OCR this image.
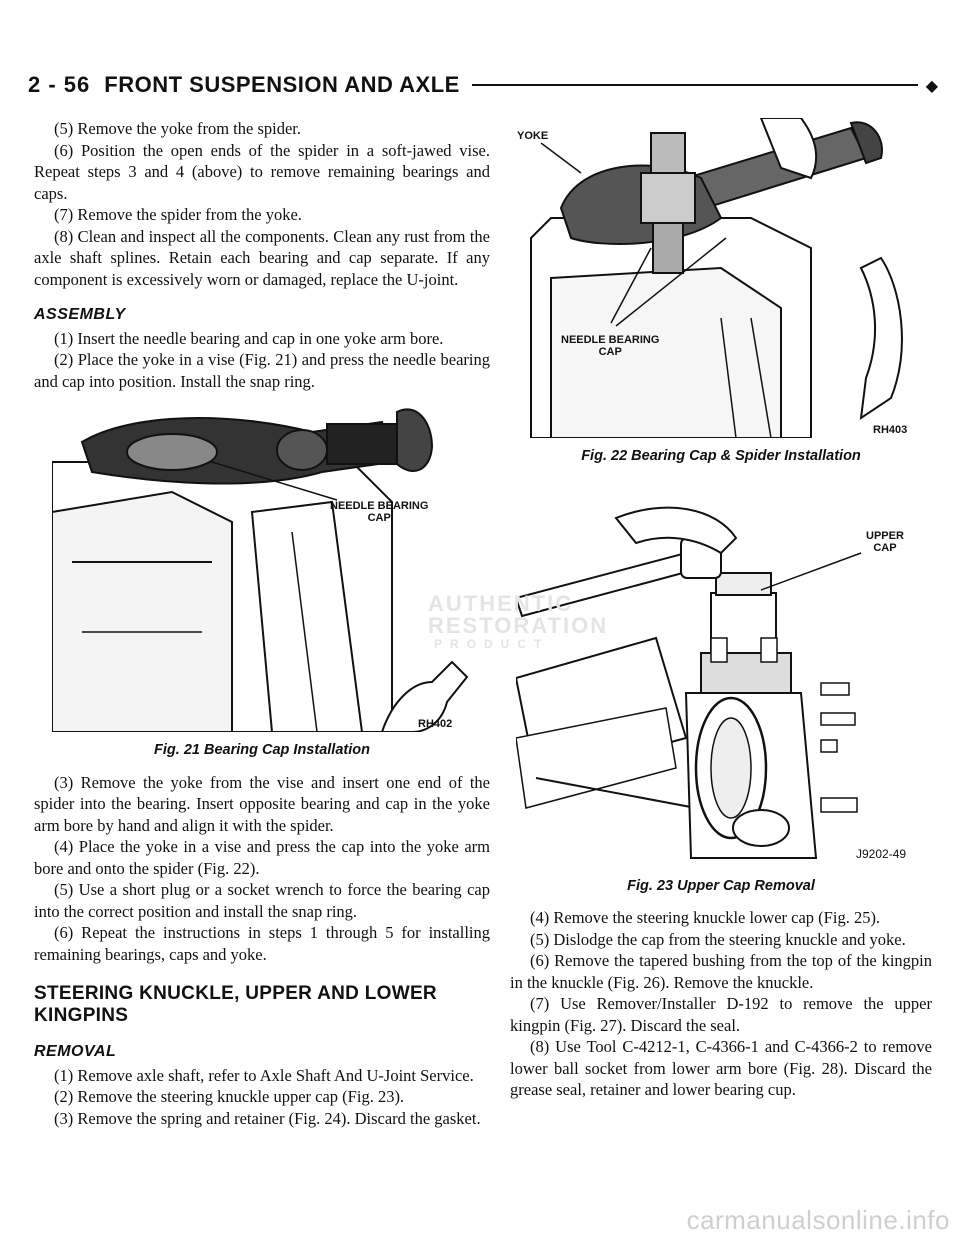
2 - 56 FRONT SUSPENSION AND AXLE	◆

(5) Remove the yoke from the spider.

(6) Position the open ends of the spider in a soft-jawed vise. Repeat steps 3 and 4 (above) to remove remaining bearings and caps.

(7) Remove the spider from the yoke.

(8) Clean and inspect all the components. Clean any rust from the axle shaft splines. Retain each bearing and cap separate. If any component is excessively worn or damaged, replace the U-joint.

ASSEMBLY

(1) Insert the needle bearing and cap in one yoke arm bore.

(2) Place the yoke in a vise (Fig. 21) and press the needle bearing and cap into position. Install the snap ring.

NEEDLE BEARING
CAP
RH402
Fig. 21 Bearing Cap Installation

(3) Remove the yoke from the vise and insert one end of the spider into the bearing. Insert opposite bearing and cap in the yoke arm bore by hand and align it with the spider.

(4) Place the yoke in a vise and press the cap into the yoke arm bore and onto the spider (Fig. 22).

(5) Use a short plug or a socket wrench to force the bearing cap into the correct position and install the snap ring.

(6) Repeat the instructions in steps 1 through 5 for installing remaining bearings, caps and yoke.

STEERING KNUCKLE, UPPER AND LOWER KINGPINS
REMOVAL

(1) Remove axle shaft, refer to Axle Shaft And U-Joint Service.

(2) Remove the steering knuckle upper cap (Fig. 23).

(3) Remove the spring and retainer (Fig. 24). Discard the gasket.

YOKE
NEEDLE BEARING
CAP
RH403
Fig. 22 Bearing Cap & Spider Installation
UPPER
CAP
J9202-49
Fig. 23 Upper Cap Removal

(4) Remove the steering knuckle lower cap (Fig. 25).

(5) Dislodge the cap from the steering knuckle and yoke.

(6) Remove the tapered bushing from the top of the kingpin in the knuckle (Fig. 26). Remove the knuckle.

(7) Use Remover/Installer D-192 to remove the upper kingpin (Fig. 27). Discard the seal.

(8) Use Tool C-4212-1, C-4366-1 and C-4366-2 to remove lower ball socket from lower arm bore (Fig. 28). Discard the grease seal, retainer and lower bearing cup.

AUTHENTIC
RESTORATION
PRODUCT
carmanualsonline.info
